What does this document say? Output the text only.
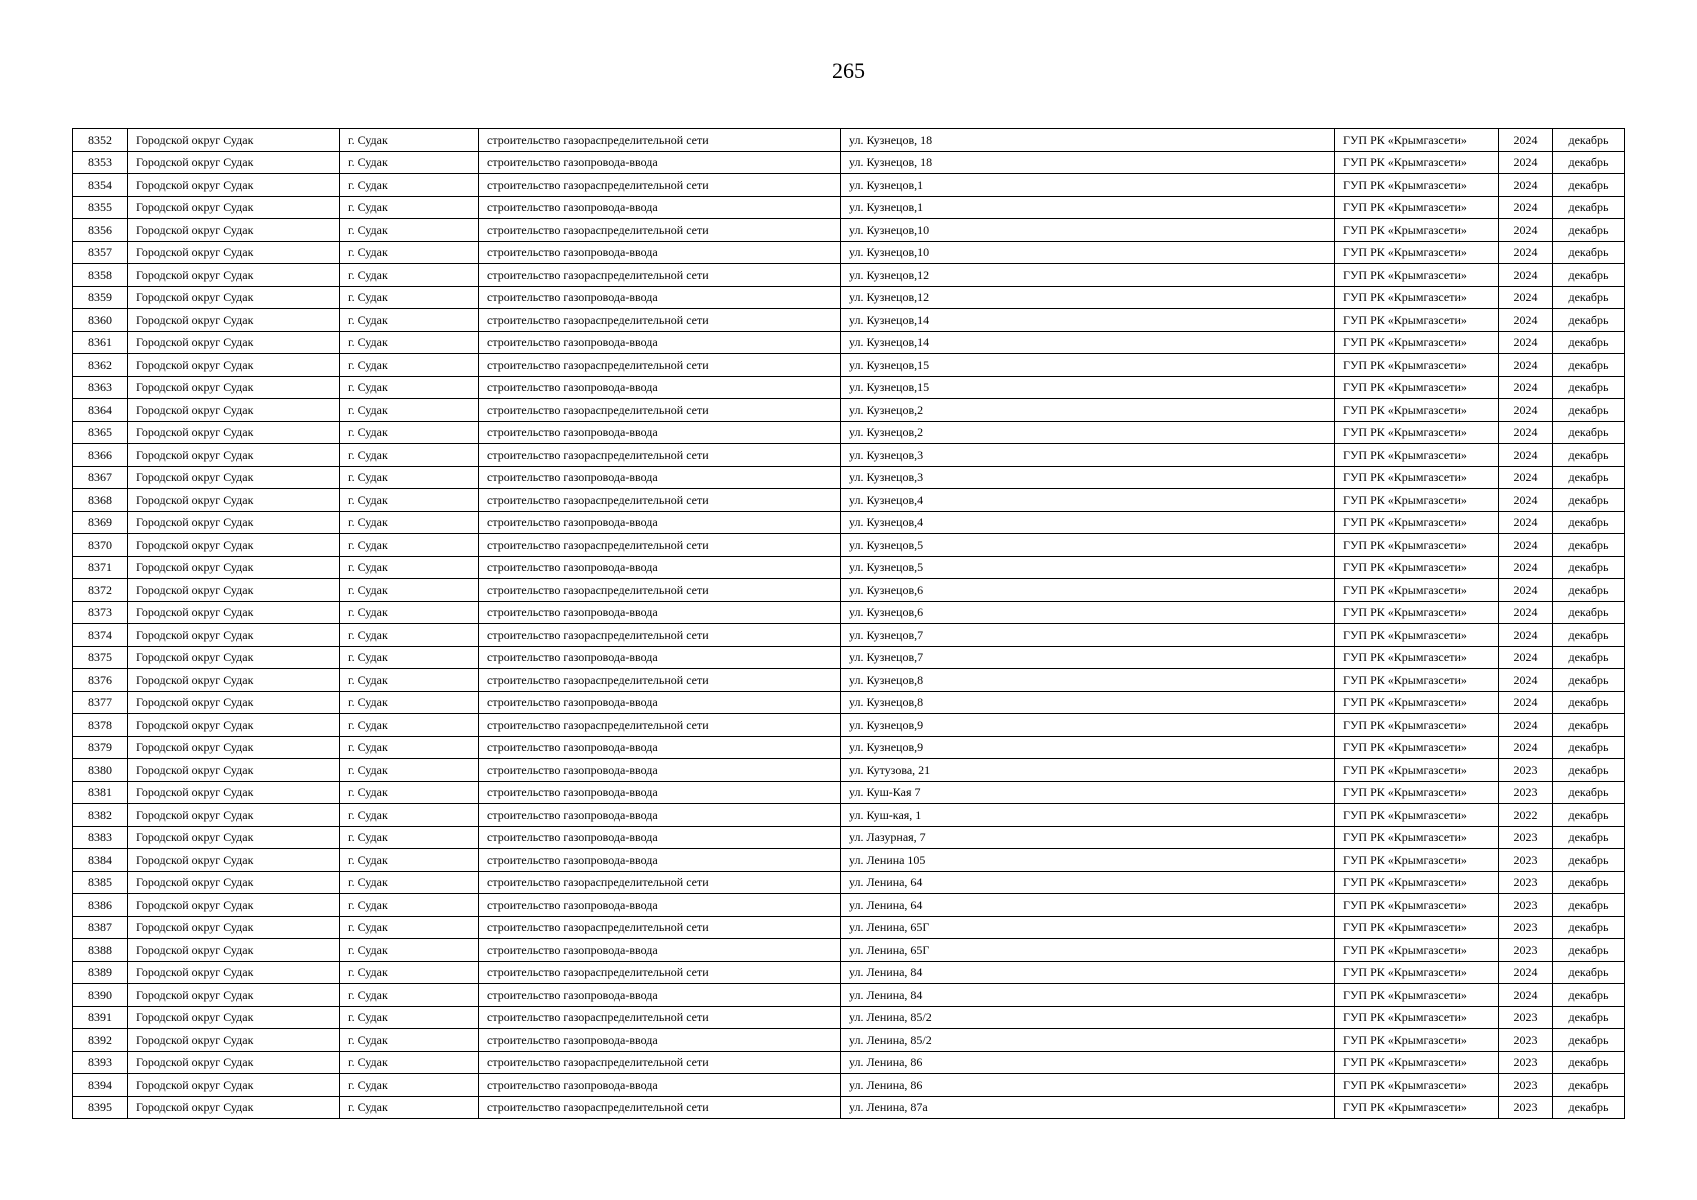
265
8352	Городской округ Судак	г. Судак	строительство газораспределительной сети	ул. Кузнецов, 18	ГУП РК «Крымгазсети»	2024	декабрь
8353	Городской округ Судак	г. Судак	строительство газопровода-ввода	ул. Кузнецов, 18	ГУП РК «Крымгазсети»	2024	декабрь
8354	Городской округ Судак	г. Судак	строительство газораспределительной сети	ул. Кузнецов,1	ГУП РК «Крымгазсети»	2024	декабрь
8355	Городской округ Судак	г. Судак	строительство газопровода-ввода	ул. Кузнецов,1	ГУП РК «Крымгазсети»	2024	декабрь
8356	Городской округ Судак	г. Судак	строительство газораспределительной сети	ул. Кузнецов,10	ГУП РК «Крымгазсети»	2024	декабрь
8357	Городской округ Судак	г. Судак	строительство газопровода-ввода	ул. Кузнецов,10	ГУП РК «Крымгазсети»	2024	декабрь
8358	Городской округ Судак	г. Судак	строительство газораспределительной сети	ул. Кузнецов,12	ГУП РК «Крымгазсети»	2024	декабрь
8359	Городской округ Судак	г. Судак	строительство газопровода-ввода	ул. Кузнецов,12	ГУП РК «Крымгазсети»	2024	декабрь
8360	Городской округ Судак	г. Судак	строительство газораспределительной сети	ул. Кузнецов,14	ГУП РК «Крымгазсети»	2024	декабрь
8361	Городской округ Судак	г. Судак	строительство газопровода-ввода	ул. Кузнецов,14	ГУП РК «Крымгазсети»	2024	декабрь
8362	Городской округ Судак	г. Судак	строительство газораспределительной сети	ул. Кузнецов,15	ГУП РК «Крымгазсети»	2024	декабрь
8363	Городской округ Судак	г. Судак	строительство газопровода-ввода	ул. Кузнецов,15	ГУП РК «Крымгазсети»	2024	декабрь
8364	Городской округ Судак	г. Судак	строительство газораспределительной сети	ул. Кузнецов,2	ГУП РК «Крымгазсети»	2024	декабрь
8365	Городской округ Судак	г. Судак	строительство газопровода-ввода	ул. Кузнецов,2	ГУП РК «Крымгазсети»	2024	декабрь
8366	Городской округ Судак	г. Судак	строительство газораспределительной сети	ул. Кузнецов,3	ГУП РК «Крымгазсети»	2024	декабрь
8367	Городской округ Судак	г. Судак	строительство газопровода-ввода	ул. Кузнецов,3	ГУП РК «Крымгазсети»	2024	декабрь
8368	Городской округ Судак	г. Судак	строительство газораспределительной сети	ул. Кузнецов,4	ГУП РК «Крымгазсети»	2024	декабрь
8369	Городской округ Судак	г. Судак	строительство газопровода-ввода	ул. Кузнецов,4	ГУП РК «Крымгазсети»	2024	декабрь
8370	Городской округ Судак	г. Судак	строительство газораспределительной сети	ул. Кузнецов,5	ГУП РК «Крымгазсети»	2024	декабрь
8371	Городской округ Судак	г. Судак	строительство газопровода-ввода	ул. Кузнецов,5	ГУП РК «Крымгазсети»	2024	декабрь
8372	Городской округ Судак	г. Судак	строительство газораспределительной сети	ул. Кузнецов,6	ГУП РК «Крымгазсети»	2024	декабрь
8373	Городской округ Судак	г. Судак	строительство газопровода-ввода	ул. Кузнецов,6	ГУП РК «Крымгазсети»	2024	декабрь
8374	Городской округ Судак	г. Судак	строительство газораспределительной сети	ул. Кузнецов,7	ГУП РК «Крымгазсети»	2024	декабрь
8375	Городской округ Судак	г. Судак	строительство газопровода-ввода	ул. Кузнецов,7	ГУП РК «Крымгазсети»	2024	декабрь
8376	Городской округ Судак	г. Судак	строительство газораспределительной сети	ул. Кузнецов,8	ГУП РК «Крымгазсети»	2024	декабрь
8377	Городской округ Судак	г. Судак	строительство газопровода-ввода	ул. Кузнецов,8	ГУП РК «Крымгазсети»	2024	декабрь
8378	Городской округ Судак	г. Судак	строительство газораспределительной сети	ул. Кузнецов,9	ГУП РК «Крымгазсети»	2024	декабрь
8379	Городской округ Судак	г. Судак	строительство газопровода-ввода	ул. Кузнецов,9	ГУП РК «Крымгазсети»	2024	декабрь
8380	Городской округ Судак	г. Судак	строительство газопровода-ввода	ул. Кутузова, 21	ГУП РК «Крымгазсети»	2023	декабрь
8381	Городской округ Судак	г. Судак	строительство газопровода-ввода	ул. Куш-Кая 7	ГУП РК «Крымгазсети»	2023	декабрь
8382	Городской округ Судак	г. Судак	строительство газопровода-ввода	ул. Куш-кая, 1	ГУП РК «Крымгазсети»	2022	декабрь
8383	Городской округ Судак	г. Судак	строительство газопровода-ввода	ул. Лазурная, 7	ГУП РК «Крымгазсети»	2023	декабрь
8384	Городской округ Судак	г. Судак	строительство газопровода-ввода	ул. Ленина 105	ГУП РК «Крымгазсети»	2023	декабрь
8385	Городской округ Судак	г. Судак	строительство газораспределительной сети	ул. Ленина, 64	ГУП РК «Крымгазсети»	2023	декабрь
8386	Городской округ Судак	г. Судак	строительство газопровода-ввода	ул. Ленина, 64	ГУП РК «Крымгазсети»	2023	декабрь
8387	Городской округ Судак	г. Судак	строительство газораспределительной сети	ул. Ленина, 65Г	ГУП РК «Крымгазсети»	2023	декабрь
8388	Городской округ Судак	г. Судак	строительство газопровода-ввода	ул. Ленина, 65Г	ГУП РК «Крымгазсети»	2023	декабрь
8389	Городской округ Судак	г. Судак	строительство газораспределительной сети	ул. Ленина, 84	ГУП РК «Крымгазсети»	2024	декабрь
8390	Городской округ Судак	г. Судак	строительство газопровода-ввода	ул. Ленина, 84	ГУП РК «Крымгазсети»	2024	декабрь
8391	Городской округ Судак	г. Судак	строительство газораспределительной сети	ул. Ленина, 85/2	ГУП РК «Крымгазсети»	2023	декабрь
8392	Городской округ Судак	г. Судак	строительство газопровода-ввода	ул. Ленина, 85/2	ГУП РК «Крымгазсети»	2023	декабрь
8393	Городской округ Судак	г. Судак	строительство газораспределительной сети	ул. Ленина, 86	ГУП РК «Крымгазсети»	2023	декабрь
8394	Городской округ Судак	г. Судак	строительство газопровода-ввода	ул. Ленина, 86	ГУП РК «Крымгазсети»	2023	декабрь
8395	Городской округ Судак	г. Судак	строительство газораспределительной сети	ул. Ленина, 87а	ГУП РК «Крымгазсети»	2023	декабрь
